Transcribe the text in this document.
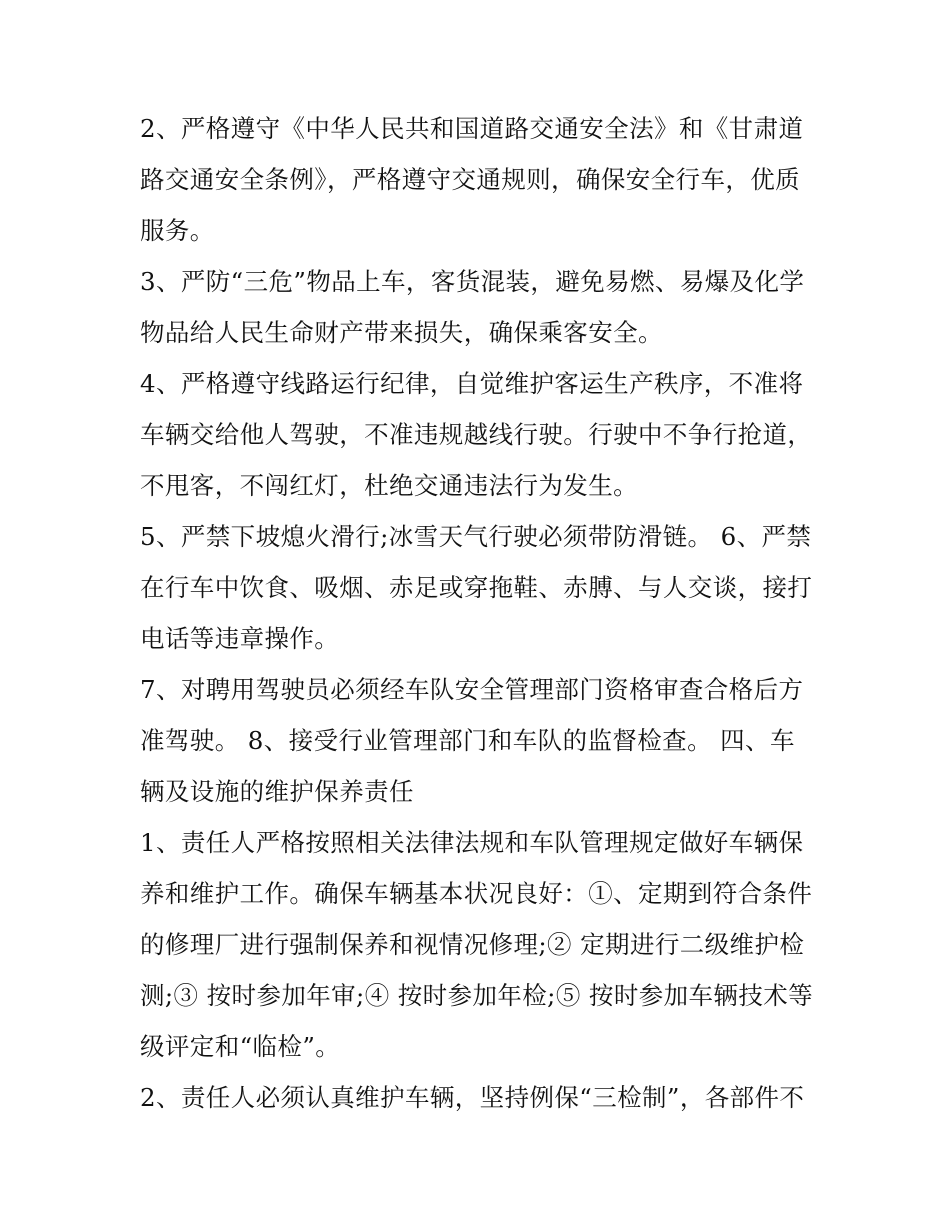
2、严格遵守《中华人民共和国道路交通安全法》和《甘肃道
路交通安全条例》，严格遵守交通规则，确保安全行车，优质
服务。
3、严防“三危”物品上车，客货混装，避免易燃、易爆及化学
物品给人民生命财产带来损失，确保乘客安全。
4、严格遵守线路运行纪律，自觉维护客运生产秩序，不准将
车辆交给他人驾驶，不准违规越线行驶。行驶中不争行抢道，
不甩客，不闯红灯，杜绝交通违法行为发生。
5、严禁下坡熄火滑行;冰雪天气行驶必须带防滑链。 6、严禁
在行车中饮食、吸烟、赤足或穿拖鞋、赤膊、与人交谈，接打
电话等违章操作。
7、对聘用驾驶员必须经车队安全管理部门资格审查合格后方
准驾驶。 8、接受行业管理部门和车队的监督检查。 四、车
辆及设施的维护保养责任
1、责任人严格按照相关法律法规和车队管理规定做好车辆保
养和维护工作。确保车辆基本状况良好：①、定期到符合条件
的修理厂进行强制保养和视情况修理;② 定期进行二级维护检
测;③ 按时参加年审;④ 按时参加年检;⑤ 按时参加车辆技术等
级评定和“临检”。
2、责任人必须认真维护车辆，坚持例保“三检制”，各部件不
